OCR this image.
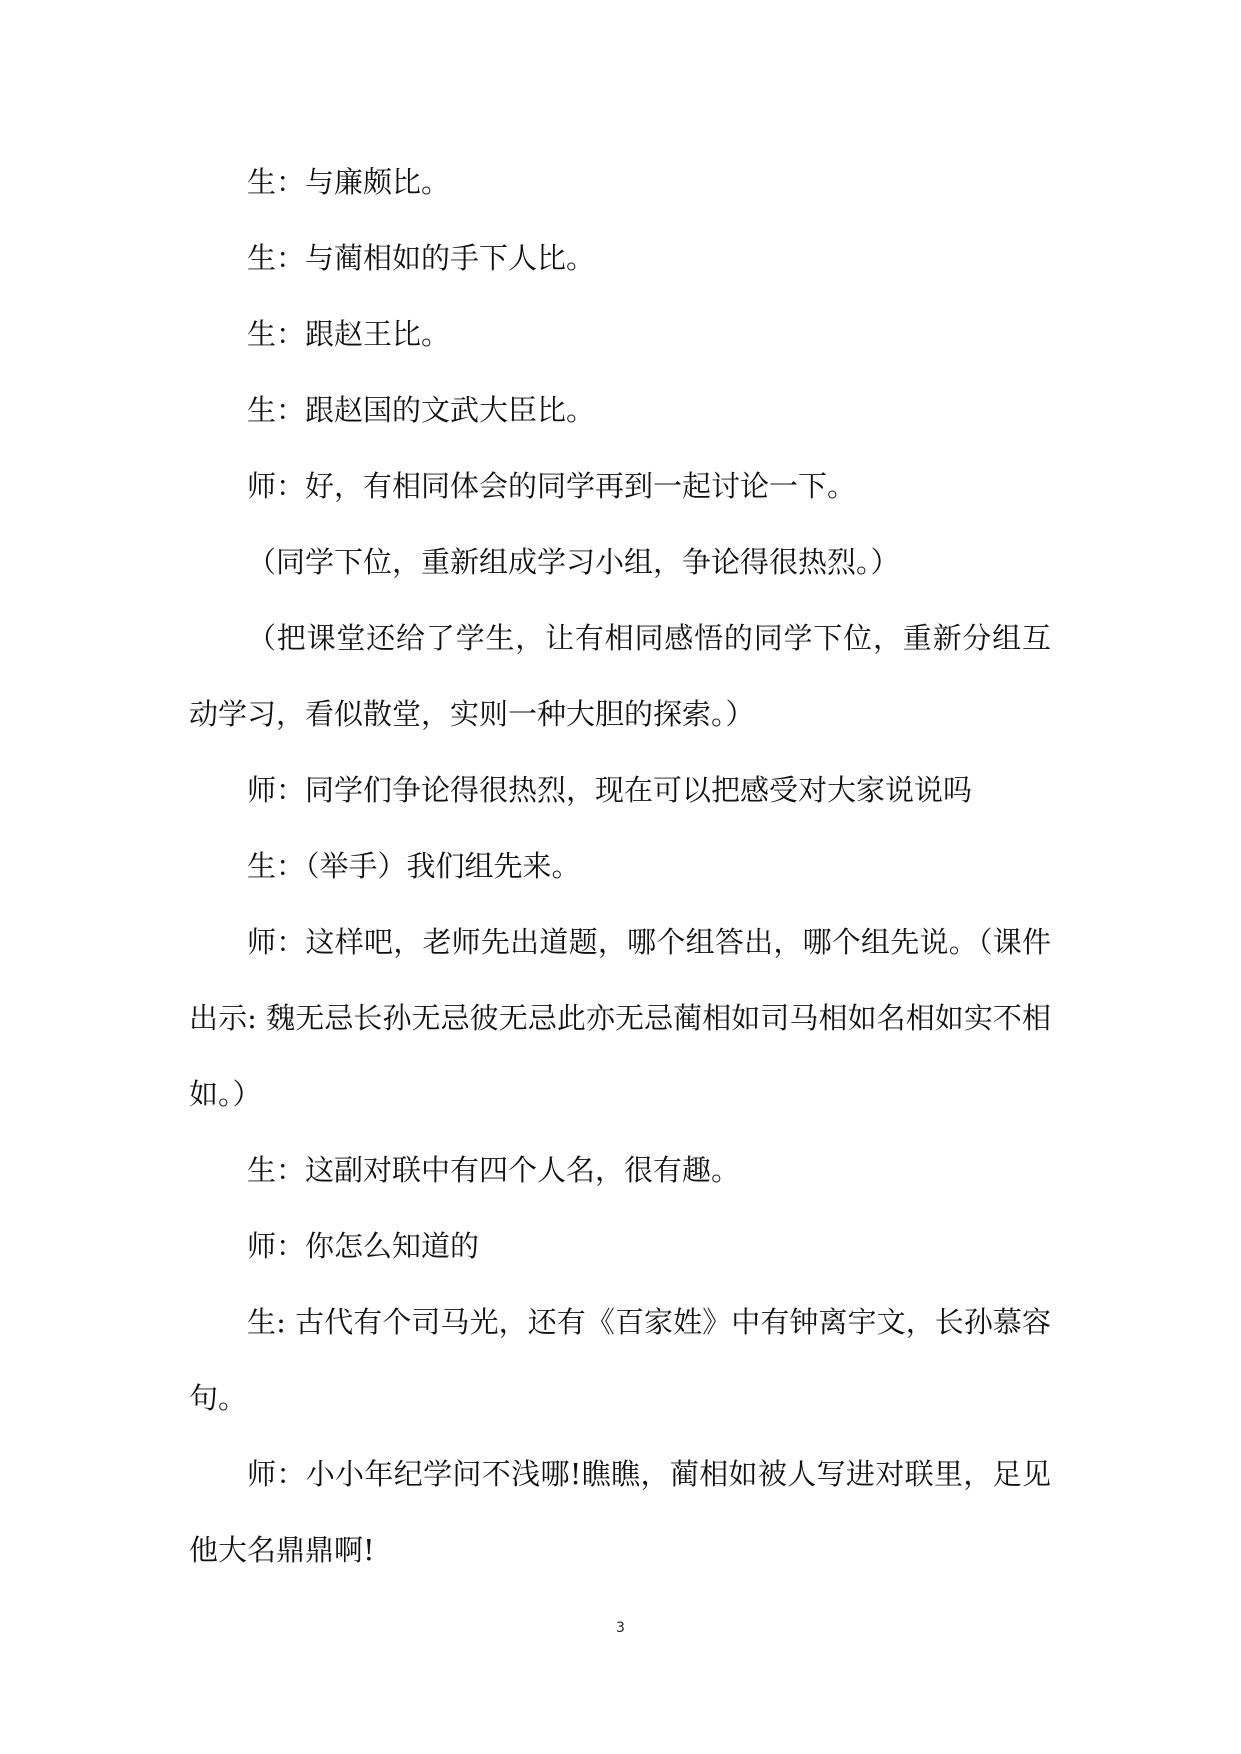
生：与廉颇比。

生：与蔺相如的手下人比。

生：跟赵王比。

生：跟赵国的文武大臣比。

师：好，有相同体会的同学再到一起讨论一下。

（同学下位，重新组成学习小组，争论得很热烈。）

（把课堂还给了学生，让有相同感悟的同学下位，重新分组互动学习，看似散堂，实则一种大胆的探索。）

师：同学们争论得很热烈，现在可以把感受对大家说说吗

生：（举手）我们组先来。

师：这样吧，老师先出道题，哪个组答出，哪个组先说。（课件出示: 魏无忌长孙无忌彼无忌此亦无忌蔺相如司马相如名相如实不相如。）

生：这副对联中有四个人名，很有趣。

师：你怎么知道的

生: 古代有个司马光，还有《百家姓》中有钟离宇文，长孙慕容句。

师：小小年纪学问不浅哪!瞧瞧，蔺相如被人写进对联里，足见他大名鼎鼎啊!

3
